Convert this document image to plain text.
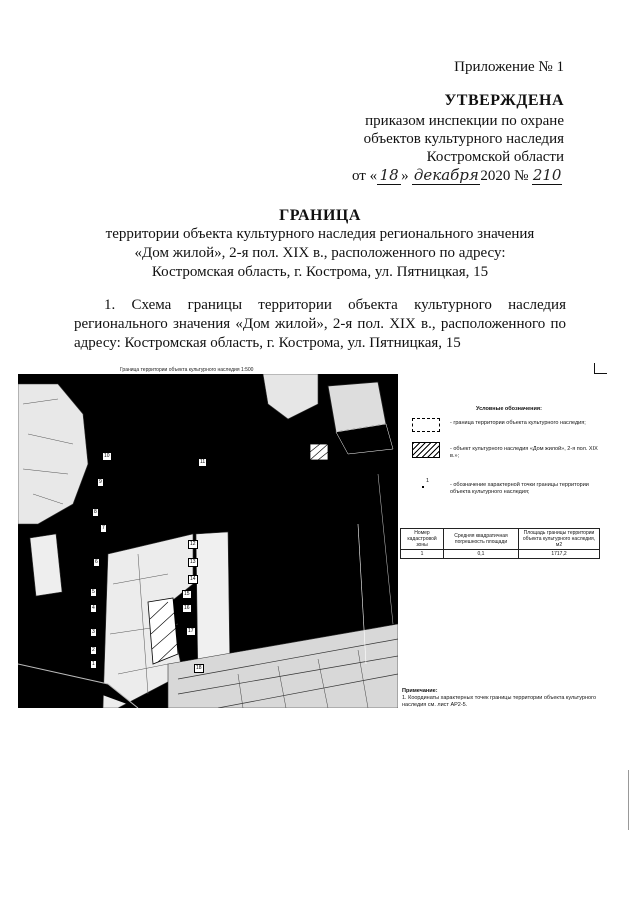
Приложение № 1
УТВЕРЖДЕНА
приказом инспекции по охране
объектов культурного наследия
Костромской области
от « 18 » декабря 2020 № 210
ГРАНИЦА
территории объекта культурного наследия регионального значения
«Дом жилой», 2-я пол. XIX в., расположенного по адресу:
Костромская область, г. Кострома, ул. Пятницкая, 15
1. Схема границы территории объекта культурного наследия регионального значения «Дом жилой», 2-я пол. XIX в., расположенного по адресу: Костромская область, г. Кострома, ул. Пятницкая, 15
Граница территории объекта культурного наследия 1:500
10
11
9
8
7
6
12
13
14
5	15
4	16
3	17
2
1
18
Условные обозначения:
- граница территории объекта культурного наследия;
- объект культурного наследия «Дом жилой», 2-я пол. XIX в.»;
1
- обозначение характерной точки границы территории объекта культурного наследия;
Номер кадастровой зоны	Средняя квадратичная погрешность площади	Площадь границы территории объекта культурного наследия, м2
1	0,1	1717,2
Примечание:
1. Координаты характерных точек границы территории объекта культурного наследия см. лист АР2-5.
